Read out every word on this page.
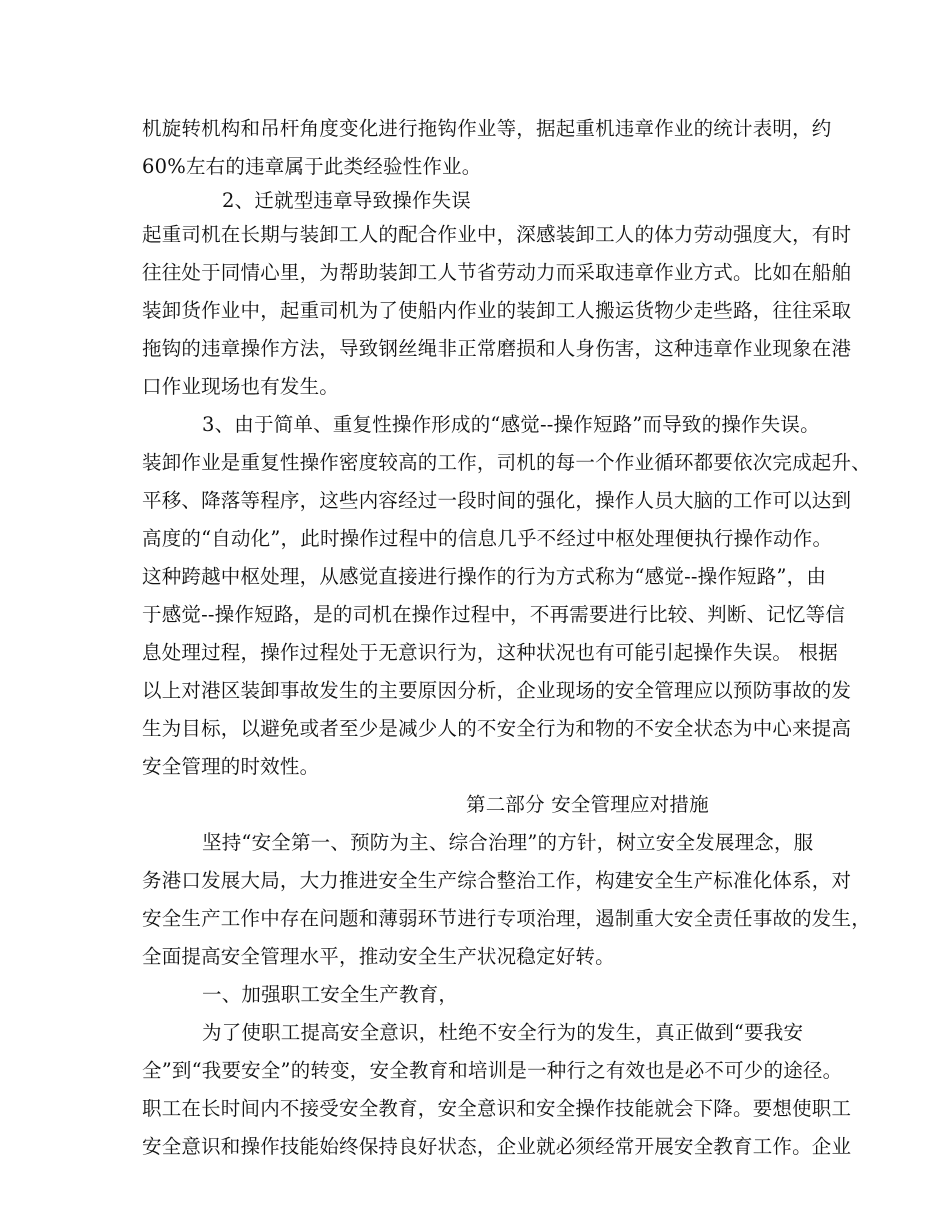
机旋转机构和吊杆角度变化进行拖钩作业等，据起重机违章作业的统计表明，约
60%左右的违章属于此类经验性作业。
2、迁就型违章导致操作失误
起重司机在长期与装卸工人的配合作业中，深感装卸工人的体力劳动强度大，有时
往往处于同情心里，为帮助装卸工人节省劳动力而采取违章作业方式。比如在船舶
装卸货作业中，起重司机为了使船内作业的装卸工人搬运货物少走些路，往往采取
拖钩的违章操作方法，导致钢丝绳非正常磨损和人身伤害，这种违章作业现象在港
口作业现场也有发生。
3、由于简单、重复性操作形成的“感觉--操作短路”而导致的操作失误。
装卸作业是重复性操作密度较高的工作，司机的每一个作业循环都要依次完成起升、
平移、降落等程序，这些内容经过一段时间的强化，操作人员大脑的工作可以达到
高度的“自动化”，此时操作过程中的信息几乎不经过中枢处理便执行操作动作。
这种跨越中枢处理，从感觉直接进行操作的行为方式称为“感觉--操作短路”，由
于感觉--操作短路，是的司机在操作过程中，不再需要进行比较、判断、记忆等信
息处理过程，操作过程处于无意识行为，这种状况也有可能引起操作失误。 根据
以上对港区装卸事故发生的主要原因分析，企业现场的安全管理应以预防事故的发
生为目标，以避免或者至少是减少人的不安全行为和物的不安全状态为中心来提高
安全管理的时效性。
第二部分 安全管理应对措施
坚持“安全第一、预防为主、综合治理”的方针，树立安全发展理念，服
务港口发展大局，大力推进安全生产综合整治工作，构建安全生产标准化体系，对
安全生产工作中存在问题和薄弱环节进行专项治理，遏制重大安全责任事故的发生，
全面提高安全管理水平，推动安全生产状况稳定好转。
一、加强职工安全生产教育，
为了使职工提高安全意识，杜绝不安全行为的发生，真正做到“要我安
全”到“我要安全”的转变，安全教育和培训是一种行之有效也是必不可少的途径。
职工在长时间内不接受安全教育，安全意识和安全操作技能就会下降。要想使职工
安全意识和操作技能始终保持良好状态，企业就必须经常开展安全教育工作。企业
